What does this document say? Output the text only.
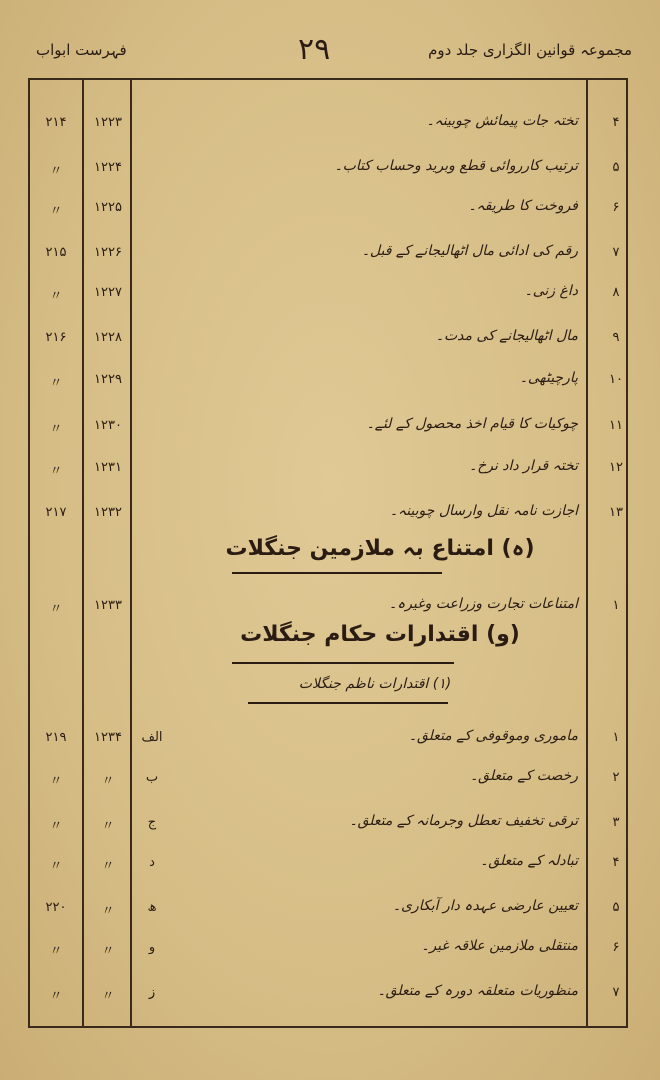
مجموعہ قوانین الگزاری جلد دوم
۲۹
فہرست ابواب
۴
تختہ جات پیمائش چوبینہ۔
۱۲۲۳
۲۱۴
۵
ترتیب کارروائی قطع وبرید وحساب کتاب۔
۱۲۲۴
〃
۶
فروخت کا طریقہ۔
۱۲۲۵
〃
۷
رقم کی ادائی مال اٹھالیجانے کے قبل۔
۱۲۲۶
۲۱۵
۸
داغ زنی۔
۱۲۲۷
〃
۹
مال اٹھالیجانے کی مدت۔
۱۲۲۸
۲۱۶
۱۰
پارچیٹھی۔
۱۲۲۹
〃
۱۱
چوکیات کا قیام اخذ محصول کے لئے۔
۱۲۳۰
〃
۱۲
تختہ قرار داد نرخ۔
۱۲۳۱
〃
۱۳
اجازت نامہ نقل وارسال چوبینہ۔
۱۲۳۲
۲۱۷
(ہ) امتناع بہ ملازمین جنگلات
۱
امتناعات تجارت وزراعت وغیرہ۔
۱۲۳۳
〃
(و) اقتدارات حکام جنگلات
(۱) اقتدارات ناظم جنگلات
۱
ماموری وموقوفی کے متعلق۔
الف
۱۲۳۴
۲۱۹
۲
رخصت کے متعلق۔
ب
〃
〃
۳
ترقی تخفیف تعطل وجرمانہ کے متعلق۔
ج
〃
〃
۴
تبادلہ کے متعلق۔
د
〃
〃
۵
تعیین عارضی عہدہ دار آبکاری۔
ھ
〃
۲۲۰
۶
منتقلی ملازمین علاقہ غیر۔
و
〃
〃
۷
منظوریات متعلقہ دورہ کے متعلق۔
ز
〃
〃
